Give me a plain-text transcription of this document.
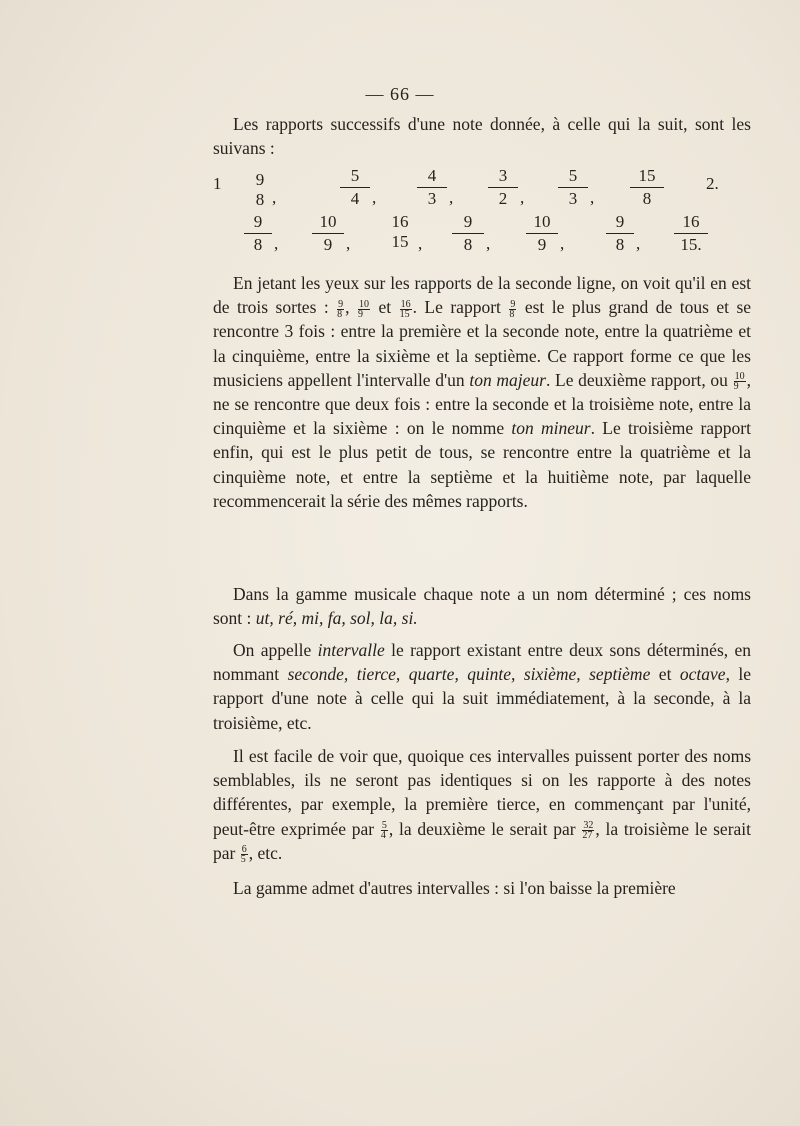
— 66 —
Les rapports successifs d'une note donnée, à celle qui la suit, sont les suivans :
1	9
8 ,
5
4 ,
4
3 ,
3
2 ,
5
3 ,
15
8
2.
9
8 ,
10
9 ,
16
15 ,
9
8 ,
10
9 ,
9
8 ,
16
15.
En jetant les yeux sur les rapports de la seconde ligne, on voit qu'il en est de trois sortes : $\frac{9}{8}$ , $\frac{10}{9}$ et $\frac{16}{15}$ . Le rapport $\frac{9}{8}$ est le plus grand de tous et se rencontre 3 fois : entre la première et la seconde note, entre la quatrième et la cinquième, entre la sixième et la septième. Ce rapport forme ce que les musiciens appellent l'intervalle d'un ton majeur. Le deuxième rapport, ou $\frac{10}{9}$ , ne se rencontre que deux fois : entre la seconde et la troisième note, entre la cinquième et la sixième : on le nomme ton mineur. Le troisième rapport enfin, qui est le plus petit de tous, se rencontre entre la quatrième et la cinquième note, et entre la septième et la huitième note, par laquelle recommencerait la série des mêmes rapports.
Dans la gamme musicale chaque note a un nom déterminé ; ces noms sont : ut, ré, mi, fa, sol, la, si.
On appelle intervalle le rapport existant entre deux sons déterminés, en nommant seconde, tierce, quarte, quinte, sixième, septième et octave, le rapport d'une note à celle qui la suit immédiatement, à la seconde, à la troisième, etc.
Il est facile de voir que, quoique ces intervalles puissent porter des noms semblables, ils ne seront pas identiques si on les rapporte à des notes différentes, par exemple, la première tierce, en commençant par l'unité, peut-être exprimée par $\frac{5}{4}$ , la deuxième le serait par $\frac{32}{27}$ , la troisième le serait par $\frac{6}{5}$ , etc.
La gamme admet d'autres intervalles : si l'on baisse la première
